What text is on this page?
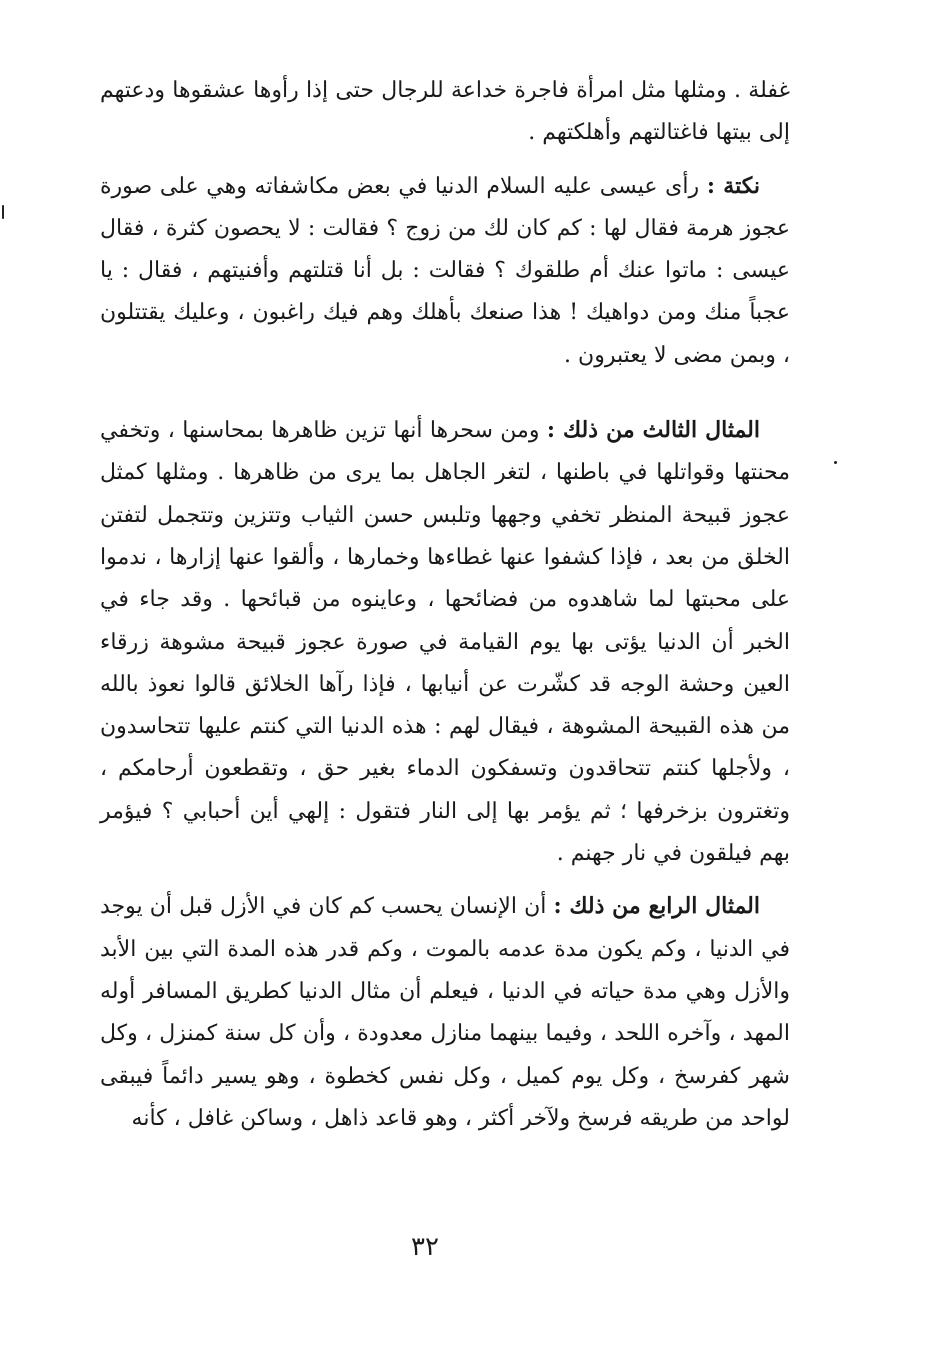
غفلة . ومثلها مثل امرأة فاجرة خداعة للرجال حتى إذا رأوها عشقوها ودعتهم إلى بيتها فاغتالتهم وأهلكتهم .

نكتة : رأى عيسى عليه السلام الدنيا في بعض مكاشفاته وهي على صورة عجوز هرمة فقال لها : كم كان لك من زوج ؟ فقالت : لا يحصون كثرة ، فقال عيسى : ماتوا عنك أم طلقوك ؟ فقالت : بل أنا قتلتهم وأفنيتهم ، فقال : يا عجباً منك ومن دواهيك ! هذا صنعك بأهلك وهم فيك راغبون ، وعليك يقتتلون ، وبمن مضى لا يعتبرون .

المثال الثالث من ذلك : ومن سحرها أنها تزين ظاهرها بمحاسنها ، وتخفي محنتها وقواتلها في باطنها ، لتغر الجاهل بما يرى من ظاهرها . ومثلها كمثل عجوز قبيحة المنظر تخفي وجهها وتلبس حسن الثياب وتتزين وتتجمل لتفتن الخلق من بعد ، فإذا كشفوا عنها غطاءها وخمارها ، وألقوا عنها إزارها ، ندموا على محبتها لما شاهدوه من فضائحها ، وعاينوه من قبائحها . وقد جاء في الخبر أن الدنيا يؤتى بها يوم القيامة في صورة عجوز قبيحة مشوهة زرقاء العين وحشة الوجه قد كشّرت عن أنيابها ، فإذا رآها الخلائق قالوا نعوذ بالله من هذه القبيحة المشوهة ، فيقال لهم : هذه الدنيا التي كنتم عليها تتحاسدون ، ولأجلها كنتم تتحاقدون وتسفكون الدماء بغير حق ، وتقطعون أرحامكم ، وتغترون بزخرفها ؛ ثم يؤمر بها إلى النار فتقول : إلهي أين أحبابي ؟ فيؤمر بهم فيلقون في نار جهنم .

المثال الرابع من ذلك : أن الإنسان يحسب كم كان في الأزل قبل أن يوجد في الدنيا ، وكم يكون مدة عدمه بالموت ، وكم قدر هذه المدة التي بين الأبد والأزل وهي مدة حياته في الدنيا ، فيعلم أن مثال الدنيا كطريق المسافر أوله المهد ، وآخره اللحد ، وفيما بينهما منازل معدودة ، وأن كل سنة كمنزل ، وكل شهر كفرسخ ، وكل يوم كميل ، وكل نفس كخطوة ، وهو يسير دائماً فيبقى لواحد من طريقه فرسخ ولآخر أكثر ، وهو قاعد ذاهل ، وساكن غافل ، كأنه

٣٢
